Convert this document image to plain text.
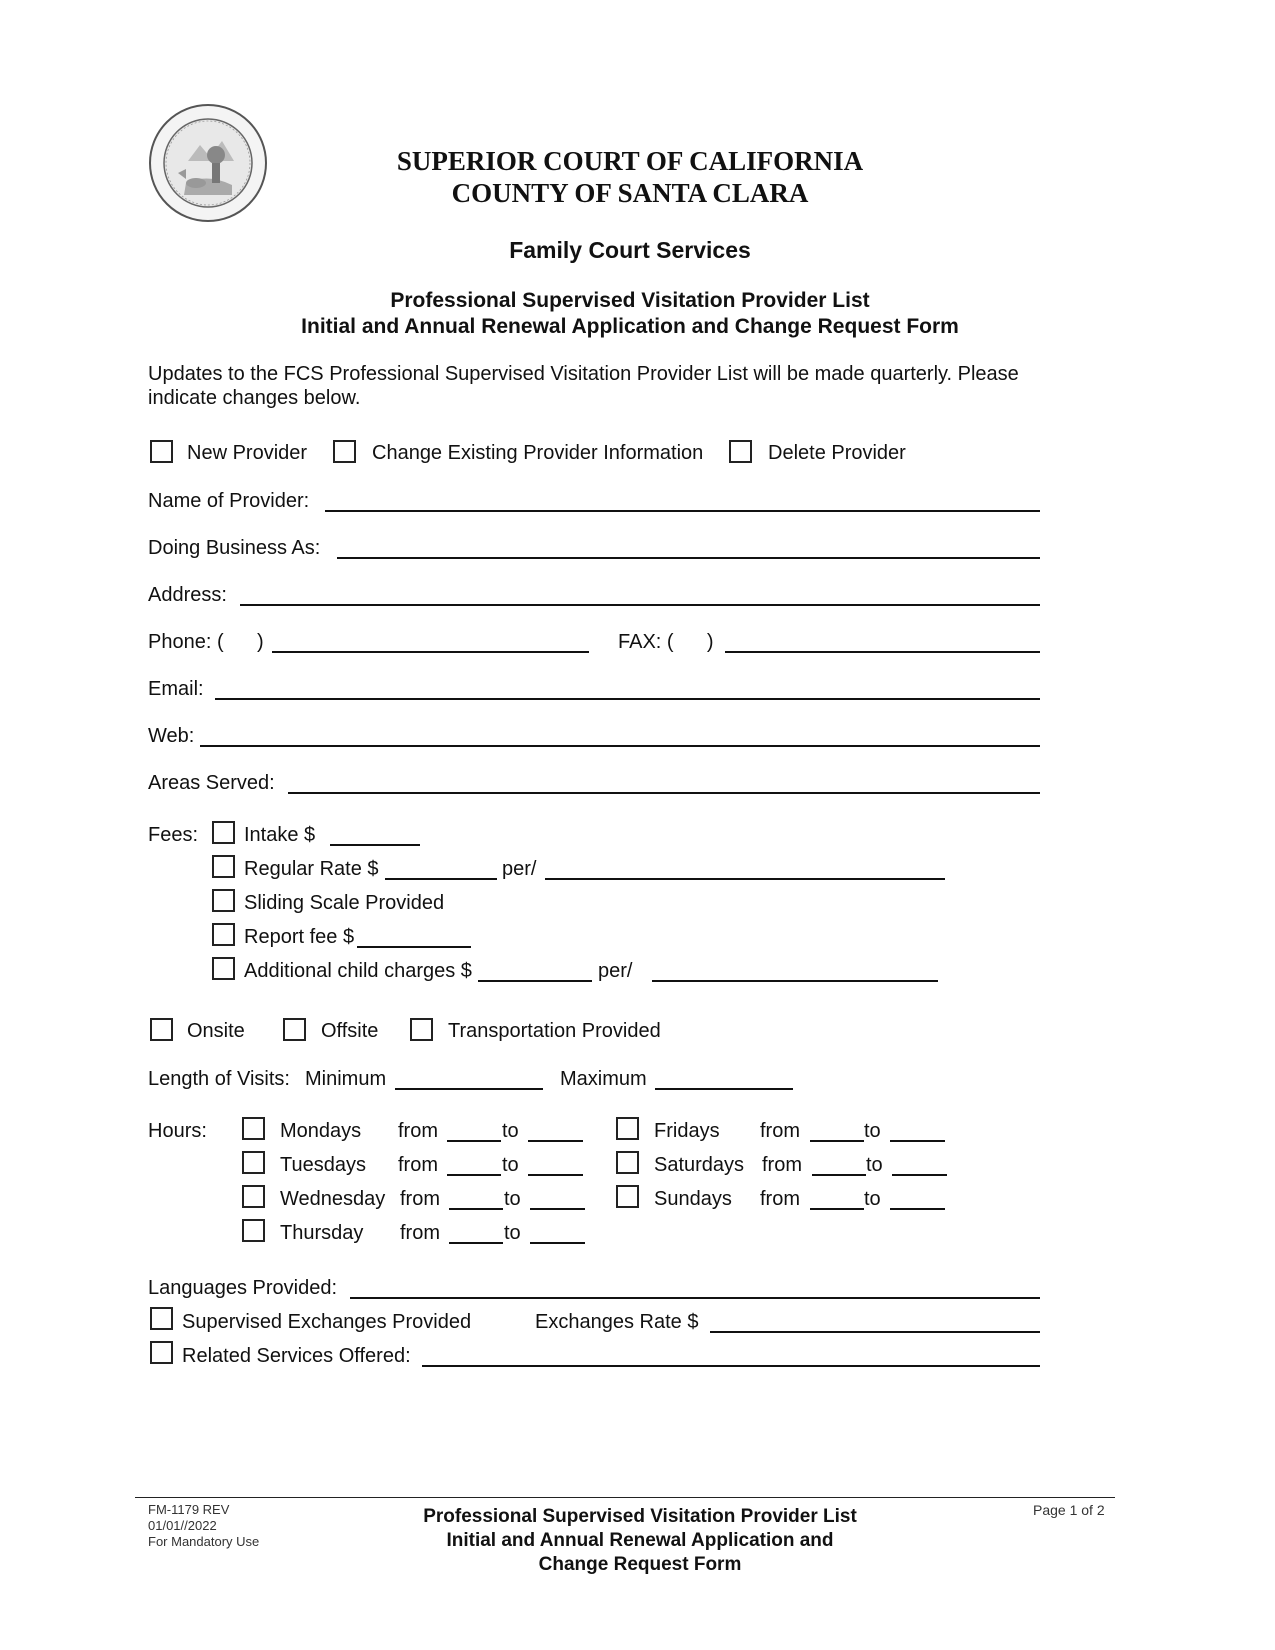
SUPERIOR COURT OF CALIFORNIA
COUNTY OF SANTA CLARA
Family Court Services
Professional Supervised Visitation Provider List
Initial and Annual Renewal Application and Change Request Form
Updates to the FCS Professional Supervised Visitation Provider List will be made quarterly. Please
indicate changes below.
New Provider	Change Existing Provider Information	Delete Provider
Name of Provider:
Doing Business As:
Address:
Phone: (      )	FAX: (      )
Email:
Web:
Areas Served:
Fees: Intake $
Regular Rate $	per/
Sliding Scale Provided
Report fee $
Additional child charges $	per/
Onsite	Offsite	Transportation Provided
Length of Visits: Minimum	Maximum
Hours:	Mondays from	to
Tuesdays from	to
Wednesday from	to
Thursday from	to
Fridays from	to
Saturdays from	to
Sundays from	to
Languages Provided:
Supervised Exchanges Provided	Exchanges Rate $
Related Services Offered:
FM-1179 REV
01/01//2022
For Mandatory Use
Professional Supervised Visitation Provider List
Initial and Annual Renewal Application and
Change Request Form
Page 1 of 2
